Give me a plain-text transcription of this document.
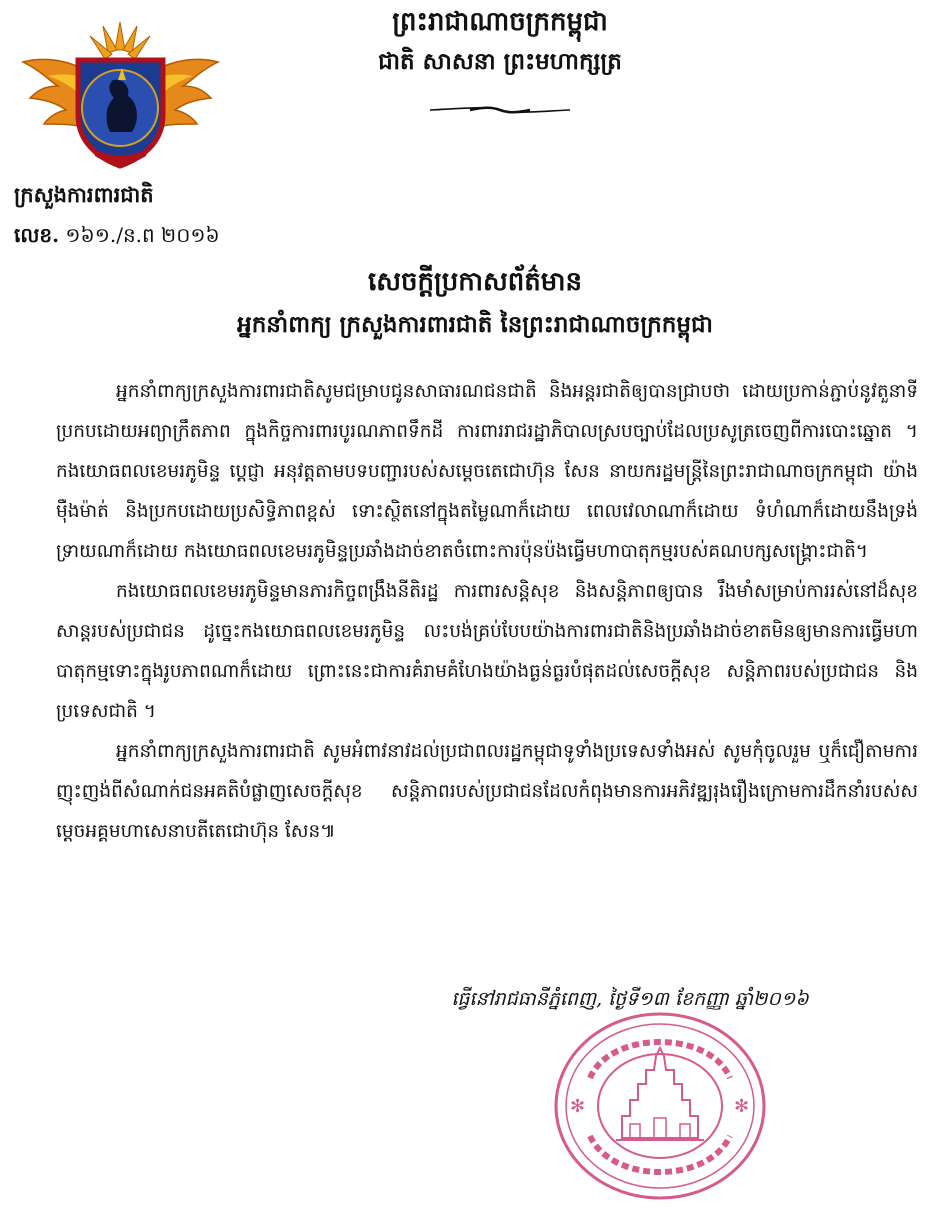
ព្រះរាជាណាចក្រកម្ពុជា
ជាតិ សាសនា ព្រះមហាក្សត្រ
ក្រសួងការពារជាតិ
លេខ. ១៦១./ន.ព ២០១៦
សេចក្តីប្រកាសព័ត៌មាន
អ្នកនាំពាក្យ ក្រសួងការពារជាតិ នៃព្រះរាជាណាចក្រកម្ពុជា

អ្នកនាំពាក្យក្រសួងការពារជាតិសូមជម្រាបជូនសាធារណជនជាតិ និងអន្តរជាតិឲ្យបានជ្រាបថា ដោយប្រកាន់ភ្ជាប់នូវតួនាទីប្រកបដោយអព្យាក្រឹតភាព ក្នុងកិច្ចការពារបូរណភាពទឹកដី ការពាររាជរដ្ឋាភិបាលស្របច្បាប់ដែលប្រសូត្រចេញពីការបោះឆ្នោត ។ កងយោធពលខេមរភូមិន្ទ ប្តេជ្ញា អនុវត្តតាមបទបញ្ជារបស់សម្តេចតេជោហ៊ុន សែន នាយករដ្ឋមន្ត្រីនៃព្រះរាជាណាចក្រកម្ពុជា យ៉ាងម៉ឺងម៉ាត់ និងប្រកបដោយប្រសិទ្ធិភាពខ្ពស់ ទោះស្ថិតនៅក្នុងតម្លៃណាក៏ដោយ ពេលវេលាណាក៏ដោយ ទំហំណាក៏ដោយនឹងទ្រង់ទ្រាយណាក៏ដោយ កងយោធពលខេមរភូមិន្ទប្រឆាំងដាច់ខាតចំពោះការប៉ុនប៉ងធ្វើមហាបាតុកម្មរបស់គណបក្សសង្គ្រោះជាតិ។

កងយោធពលខេមរភូមិន្ទមានភារកិច្ចពង្រឹងនីតិរដ្ឋ ការពារសន្តិសុខ និងសន្តិភាពឲ្យបាន រឹងមាំសម្រាប់ការរស់នៅដ៏សុខសាន្តរបស់ប្រជាជន ដូច្នេះកងយោធពលខេមរភូមិន្ទ លះបង់គ្រប់បែបយ៉ាងការពារជាតិនិងប្រឆាំងដាច់ខាតមិនឲ្យមានការធ្វើមហាបាតុកម្មទោះក្នុងរូបភាពណាក៏ដោយ ព្រោះនេះជាការគំរាមគំហែងយ៉ាងធ្ងន់ធ្ងរបំផុតដល់សេចក្តីសុខ សន្តិភាពរបស់ប្រជាជន និងប្រទេសជាតិ ។

អ្នកនាំពាក្យក្រសួងការពារជាតិ សូមអំពាវនាវដល់ប្រជាពលរដ្ឋកម្ពុជាទូទាំងប្រទេសទាំងអស់ សូមកុំចូលរួម ឬក៏ជឿតាមការញុះញង់ពីសំណាក់ជនអគតិបំផ្លាញសេចក្តីសុខ សន្តិភាពរបស់ប្រជាជនដែលកំពុងមានការអភិវឌ្ឍរុងរឿងក្រោមការដឹកនាំរបស់សម្តេចអគ្គមហាសេនាបតីតេជោហ៊ុន សែន៕

ធ្វើនៅរាជធានីភ្នំពេញ, ថ្ងៃទី១៣ ខែកញ្ញា ឆ្នាំ២០១៦
✻	✻
